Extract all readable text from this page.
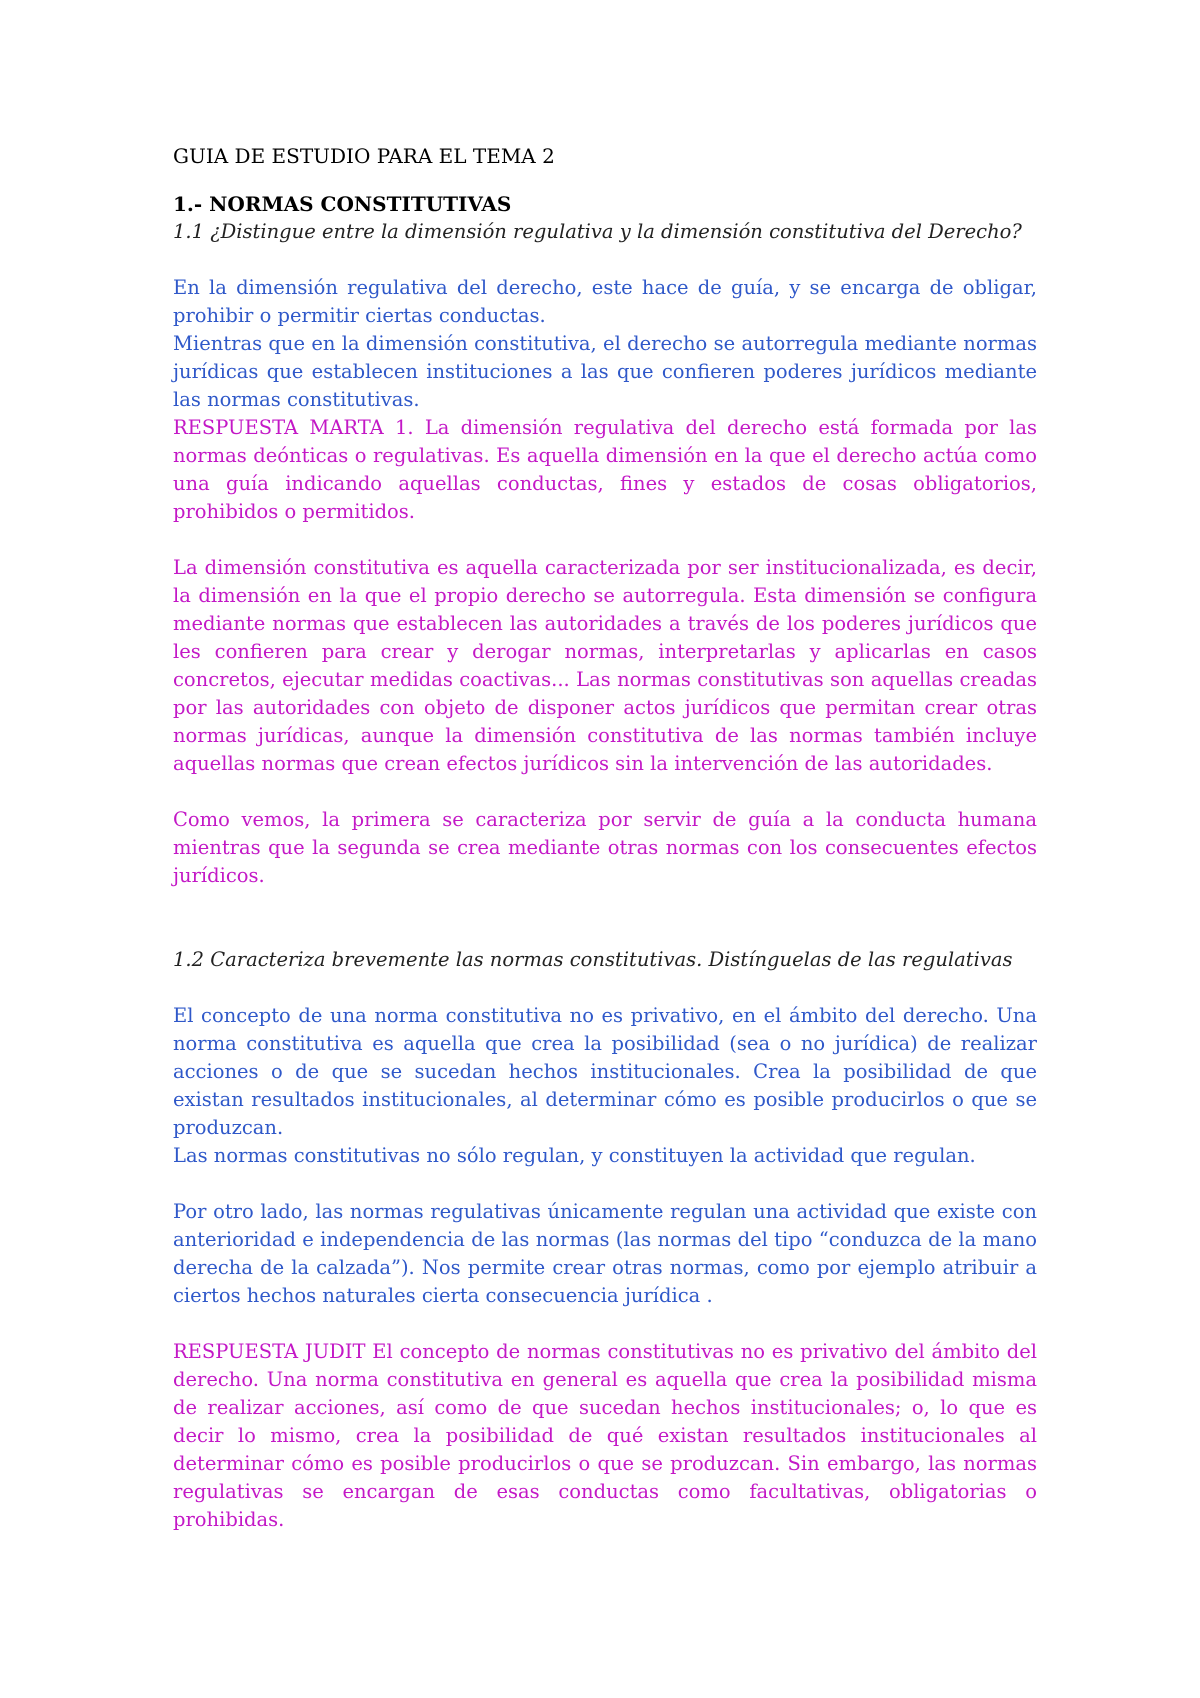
GUIA DE ESTUDIO PARA EL TEMA 2
1.- NORMAS CONSTITUTIVAS

1.1 ¿Distingue entre la dimensión regulativa y la dimensión constitutiva del Derecho?

En la dimensión regulativa del derecho, este hace de guía, y se encarga de obligar, prohibir o permitir ciertas conductas.

Mientras que en la dimensión constitutiva, el derecho se autorregula mediante normas jurídicas que establecen instituciones a las que confieren poderes jurídicos mediante las normas constitutivas.

RESPUESTA MARTA 1. La dimensión regulativa del derecho está formada por las normas deónticas o regulativas. Es aquella dimensión en la que el derecho actúa como una guía indicando aquellas conductas, fines y estados de cosas obligatorios, prohibidos o permitidos.

La dimensión constitutiva es aquella caracterizada por ser institucionalizada, es decir, la dimensión en la que el propio derecho se autorregula. Esta dimensión se configura mediante normas que establecen las autoridades a través de los poderes jurídicos que les confieren para crear y derogar normas, interpretarlas y aplicarlas en casos concretos, ejecutar medidas coactivas... Las normas constitutivas son aquellas creadas por las autoridades con objeto de disponer actos jurídicos que permitan crear otras normas jurídicas, aunque la dimensión constitutiva de las normas también incluye aquellas normas que crean efectos jurídicos sin la intervención de las autoridades.

Como vemos, la primera se caracteriza por servir de guía a la conducta humana mientras que la segunda se crea mediante otras normas con los consecuentes efectos jurídicos.

1.2 Caracteriza brevemente las normas constitutivas. Distínguelas de las regulativas

El concepto de una norma constitutiva no es privativo, en el ámbito del derecho. Una norma constitutiva es aquella que crea la posibilidad (sea o no jurídica) de realizar acciones o de que se sucedan hechos institucionales. Crea la posibilidad de que existan resultados institucionales, al determinar cómo es posible producirlos o que se produzcan.

Las normas constitutivas no sólo regulan, y constituyen la actividad que regulan.

Por otro lado, las normas regulativas únicamente regulan una actividad que existe con anterioridad e independencia de las normas (las normas del tipo “conduzca de la mano derecha de la calzada”). Nos permite crear otras normas, como por ejemplo atribuir a ciertos hechos naturales cierta consecuencia jurídica .

RESPUESTA JUDIT El concepto de normas constitutivas no es privativo del ámbito del derecho. Una norma constitutiva en general es aquella que crea la posibilidad misma de realizar acciones, así como de que sucedan hechos institucionales; o, lo que es decir lo mismo, crea la posibilidad de qué existan resultados institucionales al determinar cómo es posible producirlos o que se produzcan. Sin embargo, las normas regulativas se encargan de esas conductas como facultativas, obligatorias o prohibidas.
